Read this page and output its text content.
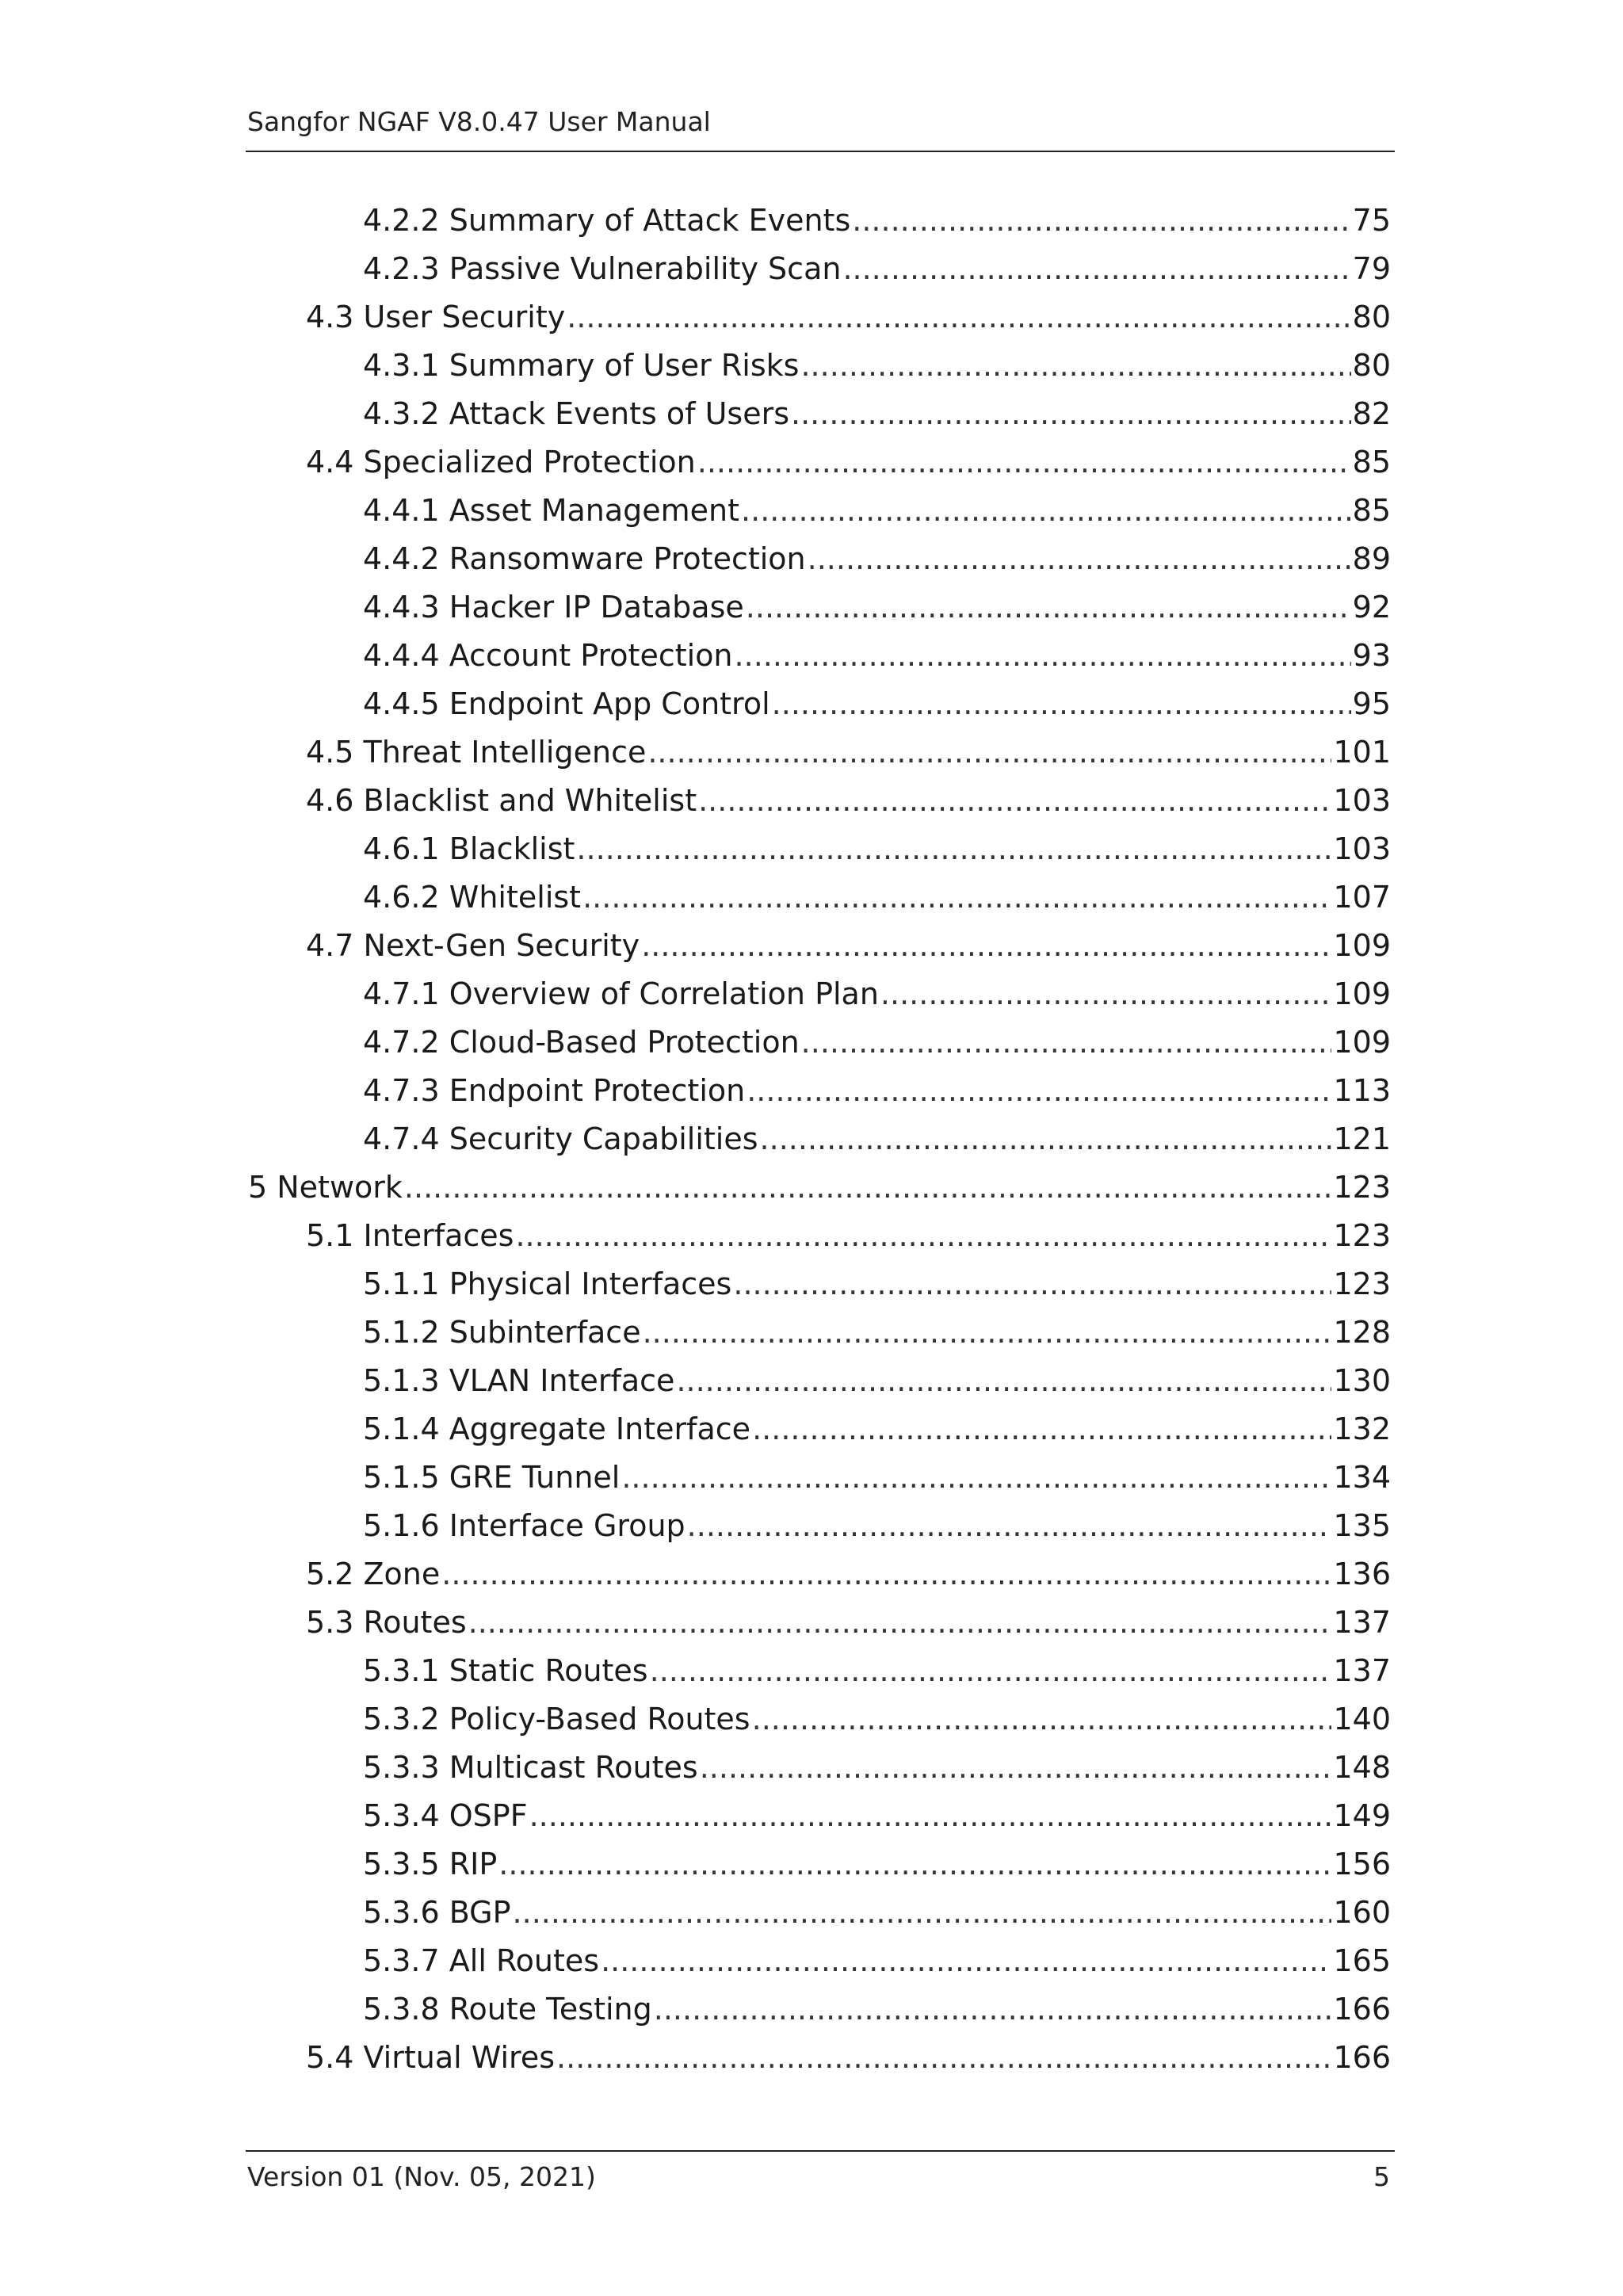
Sangfor NGAF V8.0.47 User Manual
4.2.2 Summary of Attack Events .....	75
4.2.3 Passive Vulnerability Scan .....	79
4.3 User Security .....	80
4.3.1 Summary of User Risks .....	80
4.3.2 Attack Events of Users .....	82
4.4 Specialized Protection .....	85
4.4.1 Asset Management .....	85
4.4.2 Ransomware Protection .....	89
4.4.3 Hacker IP Database .....	92
4.4.4 Account Protection .....	93
4.4.5 Endpoint App Control .....	95
4.5 Threat Intelligence .....	101
4.6 Blacklist and Whitelist .....	103
4.6.1 Blacklist .....	103
4.6.2 Whitelist .....	107
4.7 Next-Gen Security .....	109
4.7.1 Overview of Correlation Plan .....	109
4.7.2 Cloud-Based Protection .....	109
4.7.3 Endpoint Protection .....	113
4.7.4 Security Capabilities .....	121
5 Network .....	123
5.1 Interfaces .....	123
5.1.1 Physical Interfaces .....	123
5.1.2 Subinterface .....	128
5.1.3 VLAN Interface .....	130
5.1.4 Aggregate Interface .....	132
5.1.5 GRE Tunnel .....	134
5.1.6 Interface Group .....	135
5.2 Zone .....	136
5.3 Routes .....	137
5.3.1 Static Routes .....	137
5.3.2 Policy-Based Routes .....	140
5.3.3 Multicast Routes .....	148
5.3.4 OSPF .....	149
5.3.5 RIP .....	156
5.3.6 BGP .....	160
5.3.7 All Routes .....	165
5.3.8 Route Testing .....	166
5.4 Virtual Wires .....	166
Version 01 (Nov. 05, 2021)	5
